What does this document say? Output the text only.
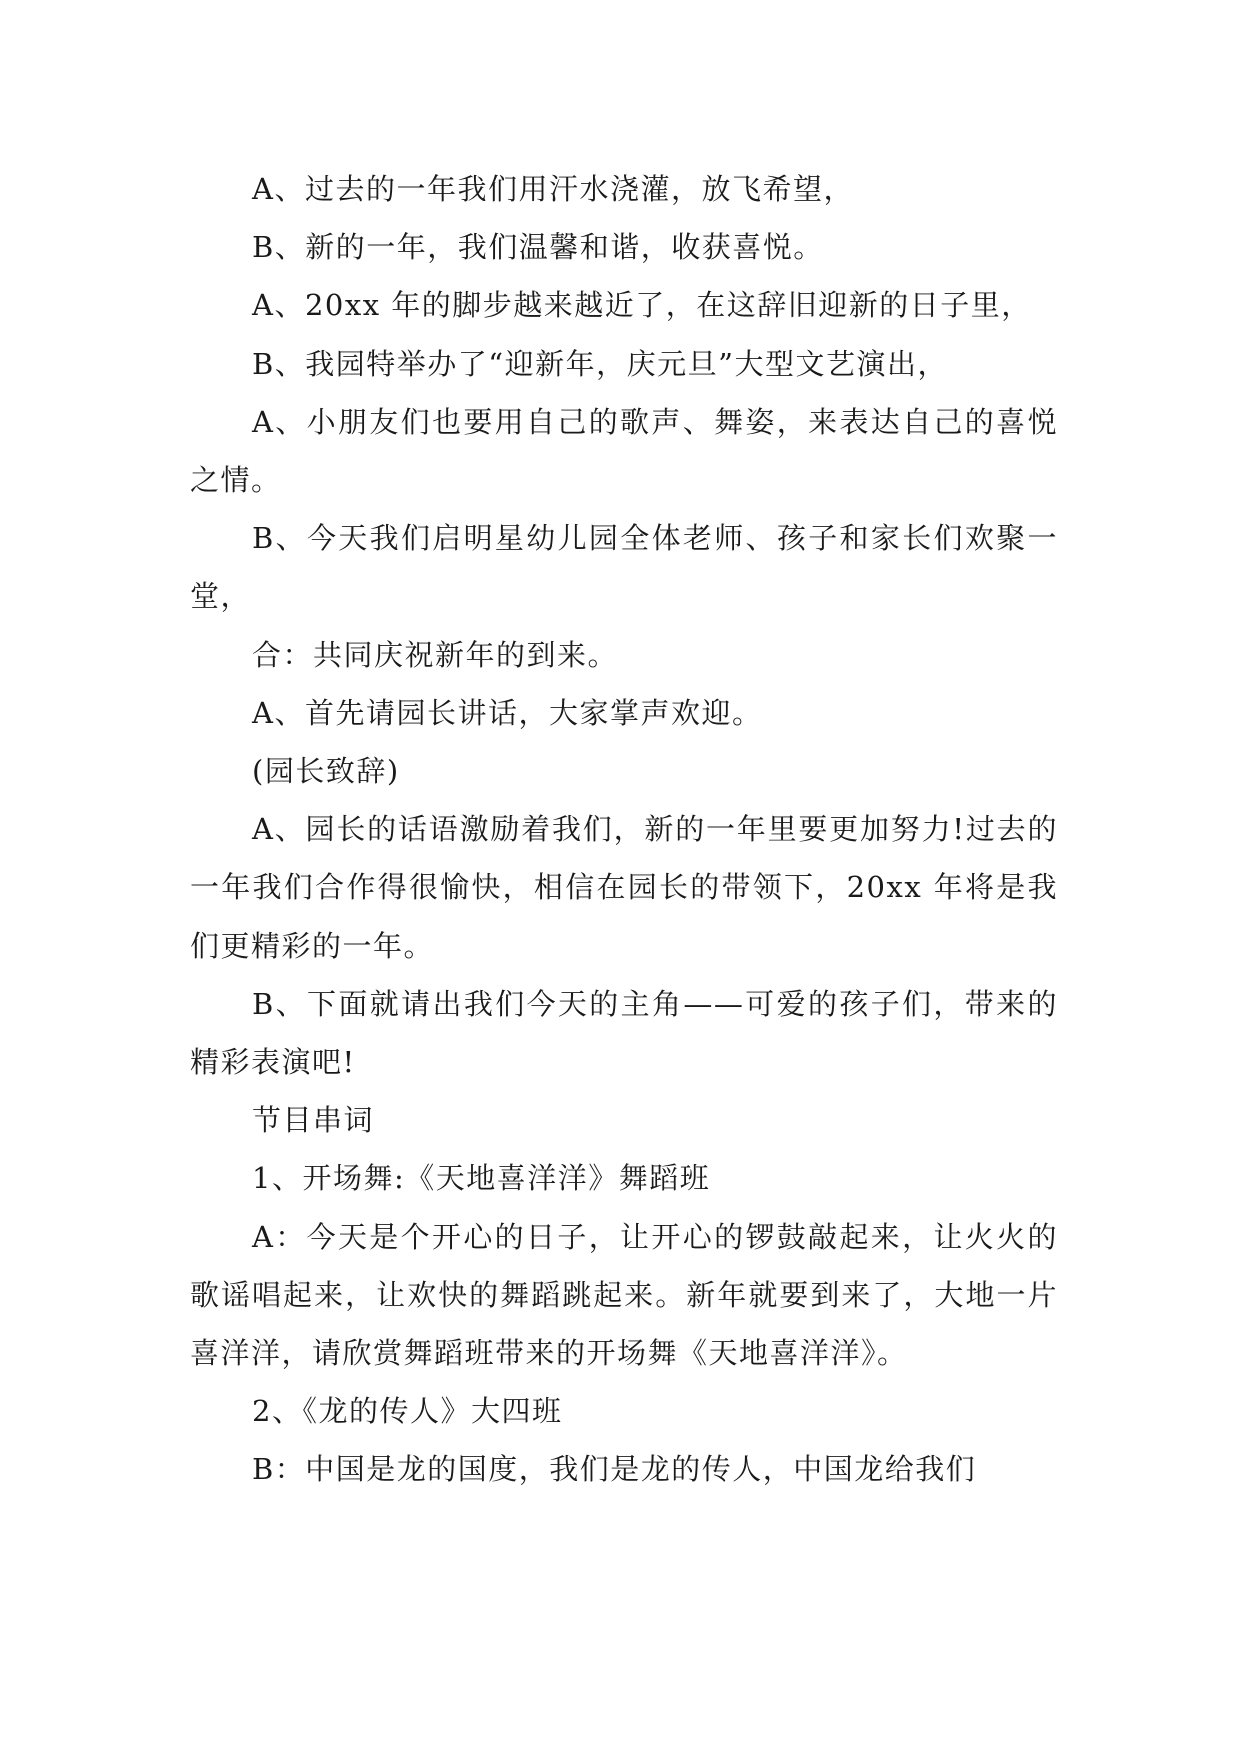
A、过去的一年我们用汗水浇灌，放飞希望，

B、新的一年，我们温馨和谐，收获喜悦。

A、20xx 年的脚步越来越近了，在这辞旧迎新的日子里，

B、我园特举办了“迎新年，庆元旦”大型文艺演出，

A、小朋友们也要用自己的歌声、舞姿，来表达自己的喜悦之情。

B、今天我们启明星幼儿园全体老师、孩子和家长们欢聚一堂，

合：共同庆祝新年的到来。

A、首先请园长讲话，大家掌声欢迎。

(园长致辞)

A、园长的话语激励着我们，新的一年里要更加努力!过去的一年我们合作得很愉快，相信在园长的带领下，20xx 年将是我们更精彩的一年。

B、下面就请出我们今天的主角——可爱的孩子们，带来的精彩表演吧!

节目串词

1、开场舞:《天地喜洋洋》舞蹈班

A：今天是个开心的日子，让开心的锣鼓敲起来，让火火的歌谣唱起来，让欢快的舞蹈跳起来。新年就要到来了，大地一片喜洋洋，请欣赏舞蹈班带来的开场舞《天地喜洋洋》。

2、《龙的传人》大四班

B：中国是龙的国度，我们是龙的传人，中国龙给我们
